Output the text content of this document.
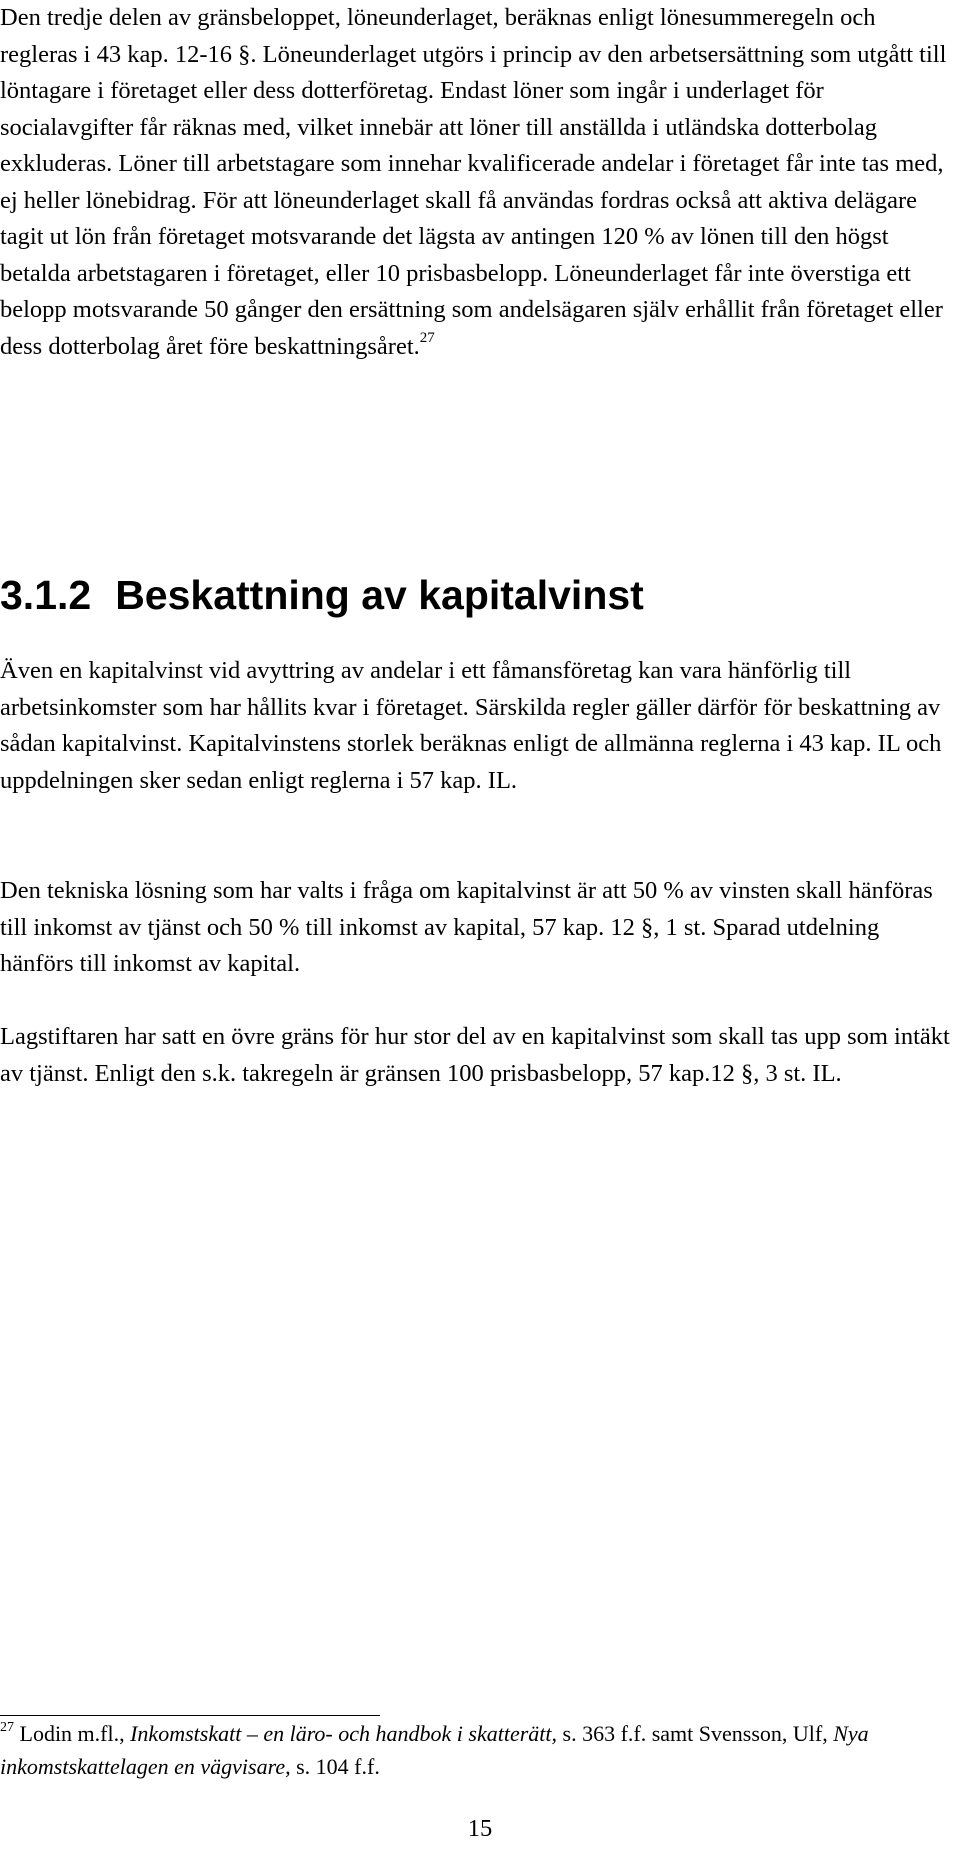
Den tredje delen av gränsbeloppet, löneunderlaget, beräknas enligt lönesummeregeln och regleras i 43 kap. 12-16 §. Löneunderlaget utgörs i princip av den arbetsersättning som utgått till löntagare i företaget eller dess dotterföretag. Endast löner som ingår i underlaget för socialavgifter får räknas med, vilket innebär att löner till anställda i utländska dotterbolag exkluderas. Löner till arbetstagare som innehar kvalificerade andelar i företaget får inte tas med, ej heller lönebidrag. För att löneunderlaget skall få användas fordras också att aktiva delägare tagit ut lön från företaget motsvarande det lägsta av antingen 120 % av lönen till den högst betalda arbetstagaren i företaget, eller 10 prisbasbelopp. Löneunderlaget får inte överstiga ett belopp motsvarande 50 gånger den ersättning som andelsägaren själv erhållit från företaget eller dess dotterbolag året före beskattningsåret.$^{27}$

3.1.2 Beskattning av kapitalvinst

Även en kapitalvinst vid avyttring av andelar i ett fåmansföretag kan vara hänförlig till arbetsinkomster som har hållits kvar i företaget. Särskilda regler gäller därför för beskattning av sådan kapitalvinst. Kapitalvinstens storlek beräknas enligt de allmänna reglerna i 43 kap. IL och uppdelningen sker sedan enligt reglerna i 57 kap. IL.

Den tekniska lösning som har valts i fråga om kapitalvinst är att 50 % av vinsten skall hänföras till inkomst av tjänst och 50 % till inkomst av kapital, 57 kap. 12 §, 1 st. Sparad utdelning hänförs till inkomst av kapital.

Lagstiftaren har satt en övre gräns för hur stor del av en kapitalvinst som skall tas upp som intäkt av tjänst. Enligt den s.k. takregeln är gränsen 100 prisbasbelopp, 57 kap.12 §, 3 st. IL.

$^{27}$ Lodin m.fl., Inkomstskatt – en läro- och handbok i skatterätt, s. 363 f.f. samt Svensson, Ulf, Nya inkomstskattelagen en vägvisare, s. 104 f.f.

15
